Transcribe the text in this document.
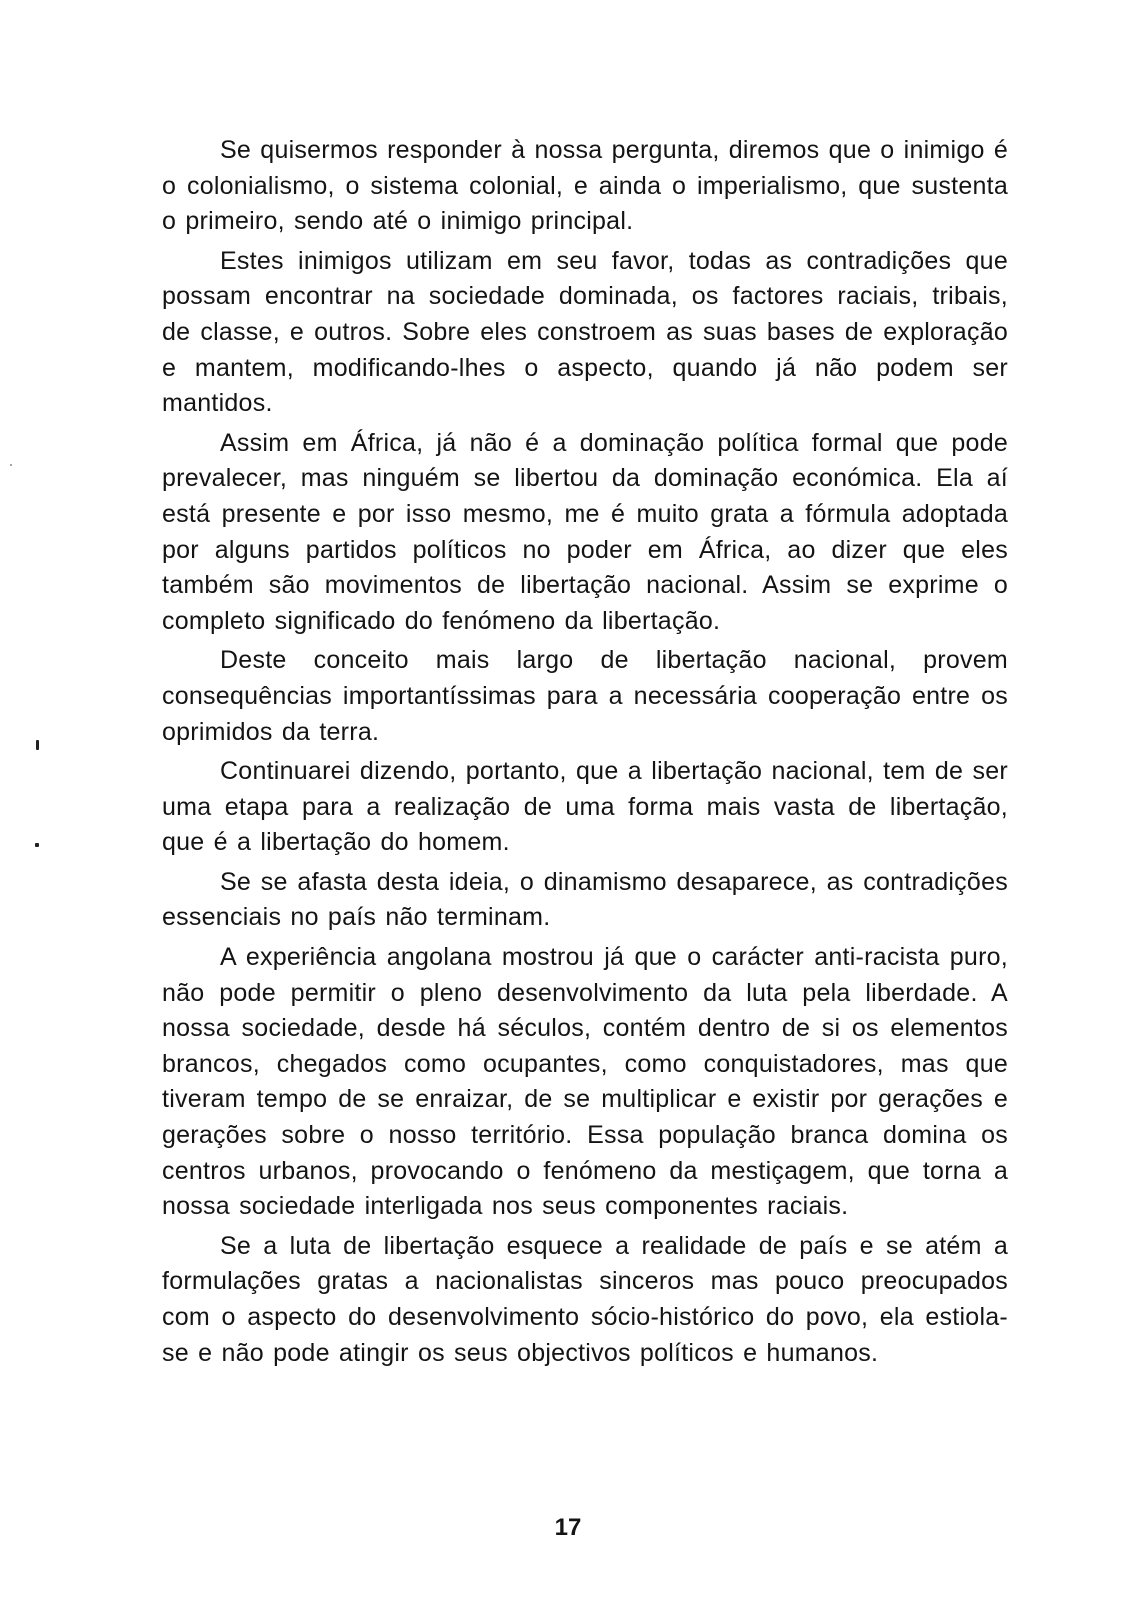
Se quisermos responder à nossa pergunta, diremos que o inimigo é o colonialismo, o sistema colonial, e ainda o imperialismo, que sustenta o primeiro, sendo até o inimigo principal.

Estes inimigos utilizam em seu favor, todas as contradições que possam encontrar na sociedade dominada, os factores raciais, tribais, de classe, e outros. Sobre eles constroem as suas bases de exploração e mantem, modificando-lhes o aspecto, quando já não podem ser mantidos.

Assim em África, já não é a dominação política formal que pode prevalecer, mas ninguém se libertou da dominação económica. Ela aí está presente e por isso mesmo, me é muito grata a fórmula adoptada por alguns partidos políticos no poder em África, ao dizer que eles também são movimentos de libertação nacional. Assim se exprime o completo significado do fenómeno da libertação.

Deste conceito mais largo de libertação nacional, provem consequências importantíssimas para a necessária cooperação entre os oprimidos da terra.

Continuarei dizendo, portanto, que a libertação nacional, tem de ser uma etapa para a realização de uma forma mais vasta de libertação, que é a libertação do homem.

Se se afasta desta ideia, o dinamismo desaparece, as contradições essenciais no país não terminam.

A experiência angolana mostrou já que o carácter anti-racista puro, não pode permitir o pleno desenvolvimento da luta pela liberdade. A nossa sociedade, desde há séculos, contém dentro de si os elementos brancos, chegados como ocupantes, como conquistadores, mas que tiveram tempo de se enraizar, de se multiplicar e existir por gerações e gerações sobre o nosso território. Essa população branca domina os centros urbanos, provocando o fenómeno da mestiçagem, que torna a nossa sociedade interligada nos seus componentes raciais.

Se a luta de libertação esquece a realidade de país e se atém a formulações gratas a nacionalistas sinceros mas pouco preocupados com o aspecto do desenvolvimento sócio-histórico do povo, ela estiola-se e não pode atingir os seus objectivos políticos e humanos.

17
